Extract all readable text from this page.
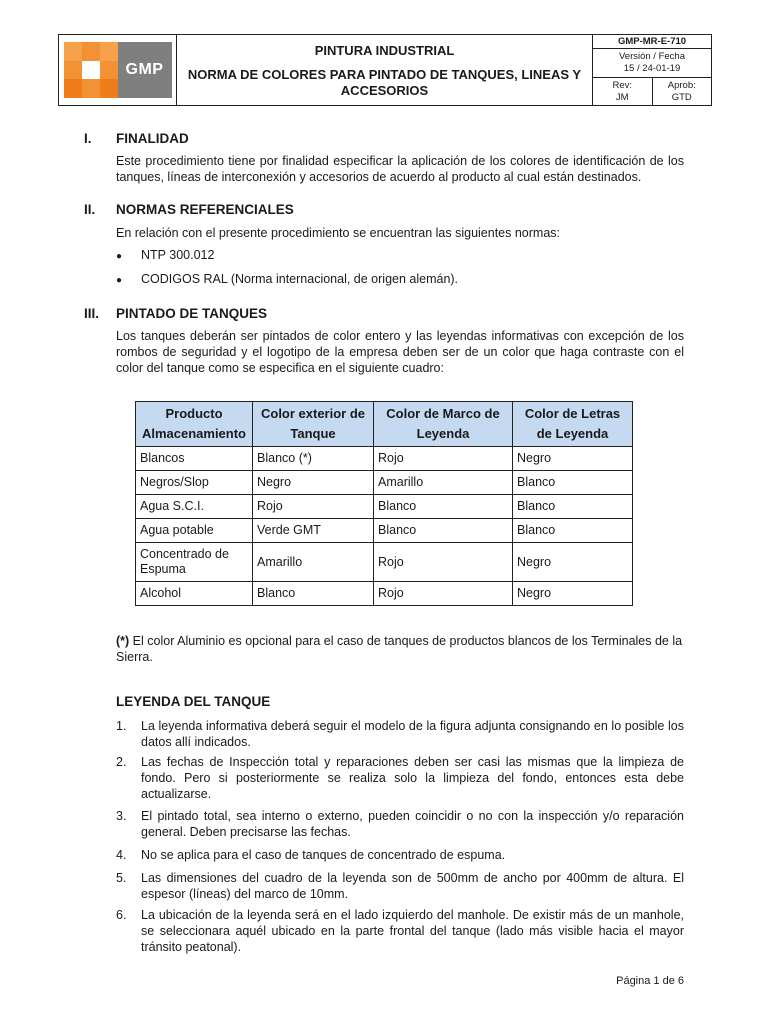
GMP
PINTURA INDUSTRIAL
NORMA DE COLORES PARA PINTADO DE TANQUES, LINEAS Y ACCESORIOS
GMP-MR-E-710
Versión / Fecha
15 / 24-01-19
Rev:
JM
Aprob:
GTD
I. FINALIDAD
Este procedimiento tiene por finalidad especificar la aplicación de los colores de identificación de los tanques, líneas de interconexión y accesorios de acuerdo al producto al cual están destinados.
II. NORMAS REFERENCIALES
En relación con el presente procedimiento se encuentran las siguientes normas:
● NTP 300.012
● CODIGOS RAL (Norma internacional, de origen alemán).
III. PINTADO DE TANQUES
Los tanques deberán ser pintados de color entero y las leyendas informativas con excepción de los rombos de seguridad y el logotipo de la empresa deben ser de un color que haga contraste con el color del tanque como se especifica en el siguiente cuadro:
Producto Almacenamiento	Color exterior de Tanque	Color de Marco de Leyenda	Color de Letras de Leyenda
Blancos	Blanco (*)	Rojo	Negro
Negros/Slop	Negro	Amarillo	Blanco
Agua S.C.I.	Rojo	Blanco	Blanco
Agua potable	Verde GMT	Blanco	Blanco
Concentrado de Espuma	Amarillo	Rojo	Negro
Alcohol	Blanco	Rojo	Negro
(*) El color Aluminio es opcional para el caso de tanques de productos blancos de los Terminales de la Sierra.
LEYENDA DEL TANQUE
1.	La leyenda informativa deberá seguir el modelo de la figura adjunta consignando en lo posible los datos allí indicados.
2.	Las fechas de Inspección total y reparaciones deben ser casi las mismas que la limpieza de fondo. Pero si posteriormente se realiza solo la limpieza del fondo, entonces esta debe actualizarse.
3.	El pintado total, sea interno o externo, pueden coincidir o no con la inspección y/o reparación general. Deben precisarse las fechas.
4.	No se aplica para el caso de tanques de concentrado de espuma.
5.	Las dimensiones del cuadro de la leyenda son de 500mm de ancho por 400mm de altura. El espesor (líneas) del marco de 10mm.
6.	La ubicación de la leyenda será en el lado izquierdo del manhole. De existir más de un manhole, se seleccionara aquél ubicado en la parte frontal del tanque (lado más visible hacia el mayor tránsito peatonal).
Página 1 de 6
